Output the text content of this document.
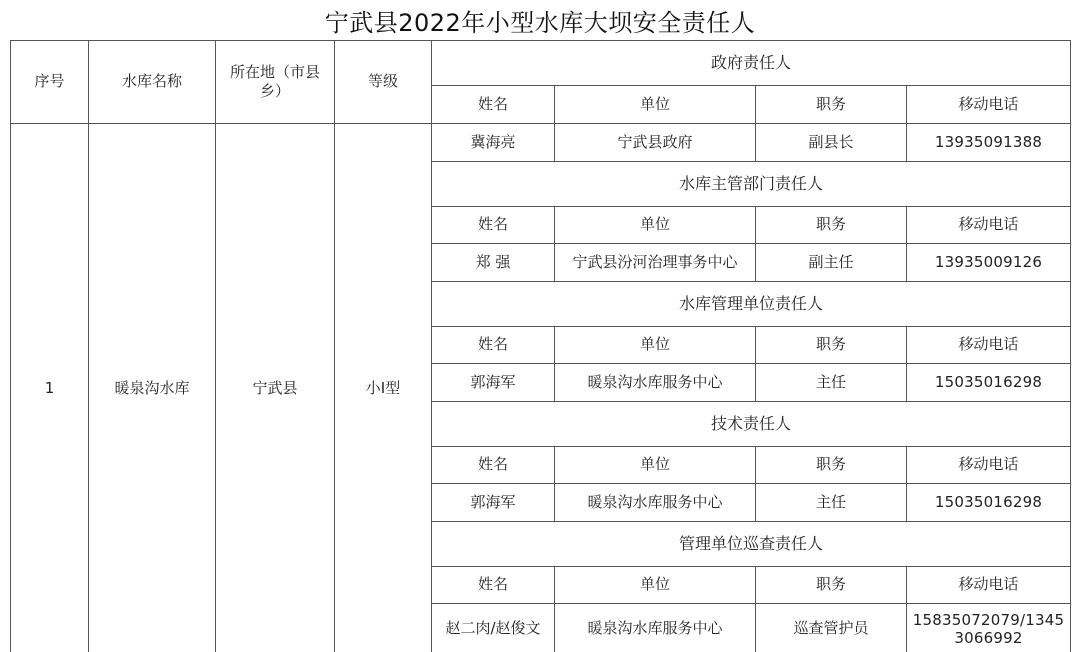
宁武县2022年小型水库大坝安全责任人
序号	水库名称	所在地（市县乡）	等级	政府责任人			
				姓名	单位	职务	移动电话
1	暖泉沟水库	宁武县	小Ⅰ型	冀海亮	宁武县政府	副县长	13935091388
				水库主管部门责任人			
				姓名	单位	职务	移动电话
				郑 强	宁武县汾河治理事务中心	副主任	13935009126
				水库管理单位责任人			
				姓名	单位	职务	移动电话
				郭海军	暖泉沟水库服务中心	主任	15035016298
				技术责任人			
				姓名	单位	职务	移动电话
				郭海军	暖泉沟水库服务中心	主任	15035016298
				管理单位巡查责任人			
				姓名	单位	职务	移动电话
				赵二肉/赵俊文	暖泉沟水库服务中心	巡查管护员	15835072079/13453066992
